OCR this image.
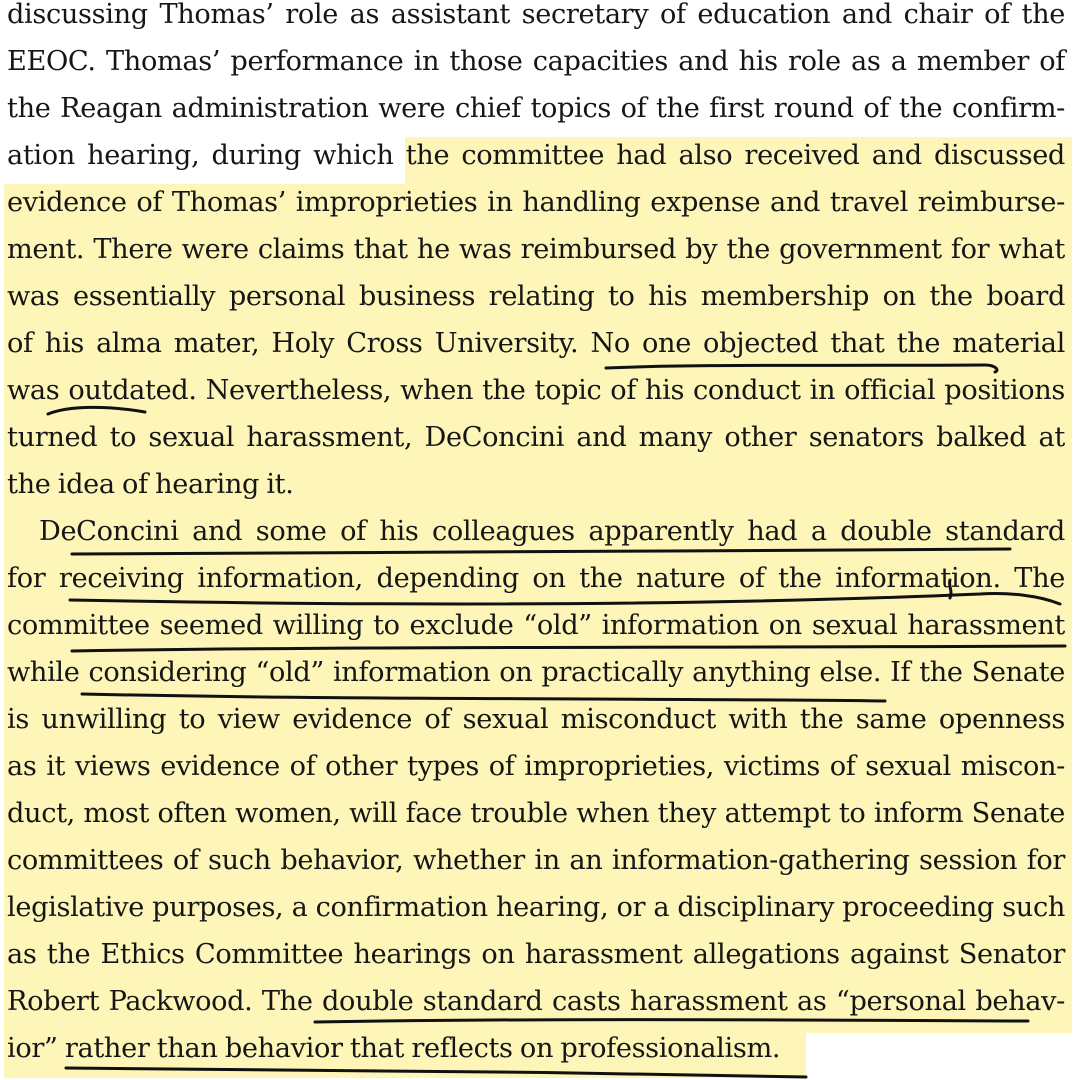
discussing Thomas’ role as assistant secretary of education and chair of the
EEOC. Thomas’ performance in those capacities and his role as a member of
the Reagan administration were chief topics of the first round of the confirm-
ation hearing, during which the committee had also received and discussed
evidence of Thomas’ improprieties in handling expense and travel reimburse-
ment. There were claims that he was reimbursed by the government for what
was essentially personal business relating to his membership on the board
of his alma mater, Holy Cross University. No one objected that the material
was outdated. Nevertheless, when the topic of his conduct in official positions
turned to sexual harassment, DeConcini and many other senators balked at
the idea of hearing it.
DeConcini and some of his colleagues apparently had a double standard
for receiving information, depending on the nature of the information. The
committee seemed willing to exclude “old” information on sexual harassment
while considering “old” information on practically anything else. If the Senate
is unwilling to view evidence of sexual misconduct with the same openness
as it views evidence of other types of improprieties, victims of sexual miscon-
duct, most often women, will face trouble when they attempt to inform Senate
committees of such behavior, whether in an information-gathering session for
legislative purposes, a confirmation hearing, or a disciplinary proceeding such
as the Ethics Committee hearings on harassment allegations against Senator
Robert Packwood. The double standard casts harassment as “personal behav-
ior” rather than behavior that reflects on professionalism.
